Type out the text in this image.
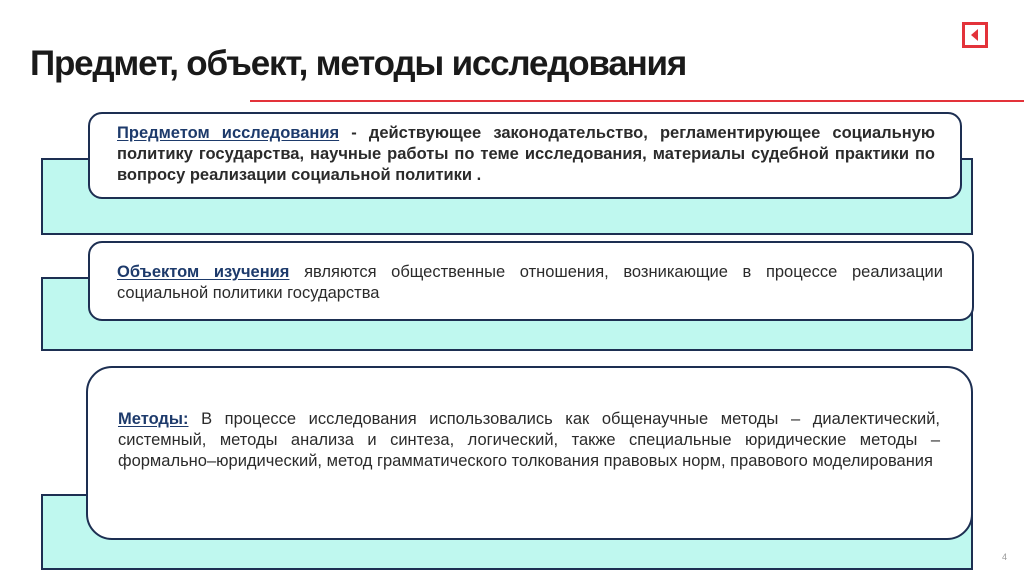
Предмет, объект, методы исследования
Предметом исследования - действующее законодательство, регламентирующее социальную политику государства, научные работы по теме исследования, материалы судебной практики по вопросу реализации социальной политики .
Объектом изучения являются общественные отношения, возникающие в процессе реализации социальной политики государства
Методы: В процессе исследования использовались как общенаучные методы – диалектический, системный, методы анализа и синтеза, логический, также специальные юридические методы – формально–юридический, метод грамматического толкования правовых норм, правового моделирования
4
